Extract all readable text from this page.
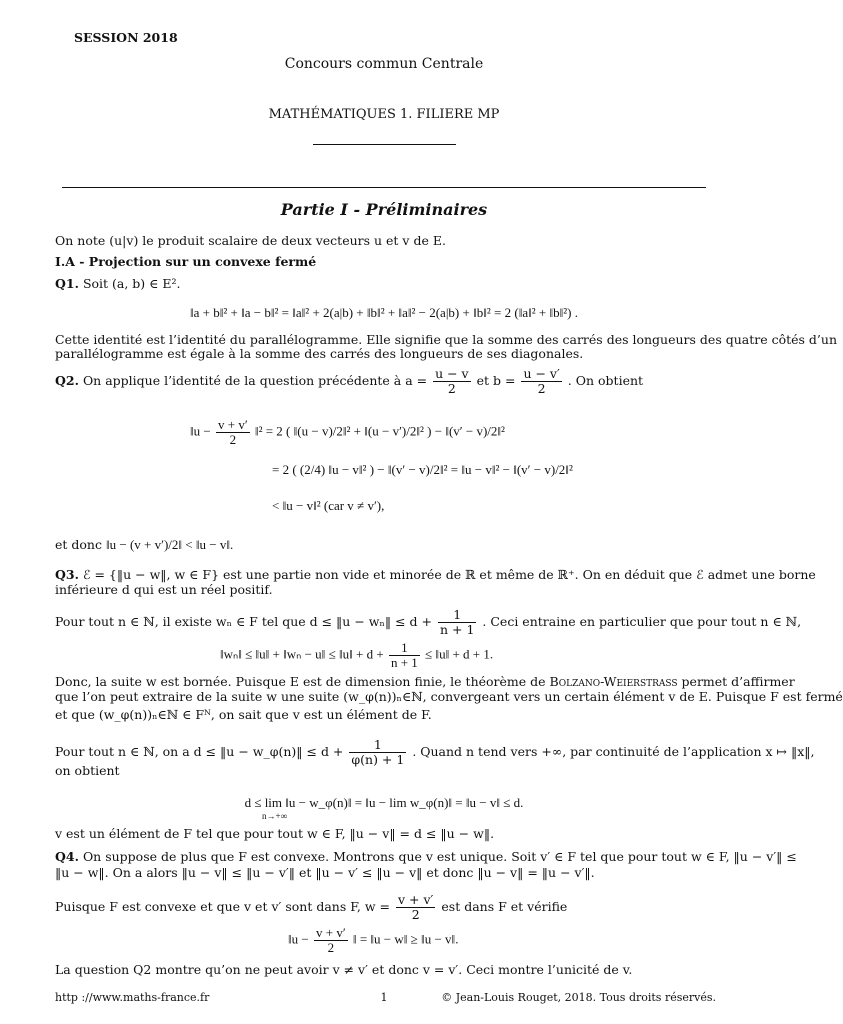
SESSION 2018
Concours commun Centrale
MATHÉMATIQUES 1. FILIERE MP
Partie I - Préliminaires
On note (u|v) le produit scalaire de deux vecteurs u et v de E.
I.A - Projection sur un convexe fermé
Q1. Soit (a, b) ∈ E².
‖a + b‖² + ‖a − b‖² = ‖a‖² + 2(a|b) + ‖b‖² + ‖a‖² − 2(a|b) + ‖b‖² = 2 (‖a‖² + ‖b‖²) .
Cette identité est l’identité du parallélogramme. Elle signifie que la somme des carrés des longueurs des quatre côtés d’un
parallélogramme est égale à la somme des carrés des longueurs de ses diagonales.
Q2. On applique l’identité de la question précédente à $a = \frac{u - v}{2}$ et $b = \frac{u - v'}{2}$ . On obtient
‖u − $\frac{v + v'}{2}$ ‖² = 2 ( ‖(u − v)/2‖² + ‖(u − v′)/2‖² ) − ‖(v′ − v)/2‖²
= 2 ( (2/4) ‖u − v‖² ) − ‖(v′ − v)/2‖² = ‖u − v‖² − ‖(v′ − v)/2‖²
< ‖u − v‖² (car v ≠ v′),
et donc ‖u − (v + v′)/2‖ < ‖u − v‖.
Q3. ℰ = {‖u − w‖, w ∈ F} est une partie non vide et minorée de ℝ et même de ℝ⁺. On en déduit que ℰ admet une borne
inférieure d qui est un réel positif.
Pour tout n ∈ ℕ, il existe wₙ ∈ F tel que d ≤ ‖u − wₙ‖ ≤ $d + \frac{1}{n + 1}$ . Ceci entraine en particulier que pour tout n ∈ ℕ,
‖wₙ‖ ≤ ‖u‖ + ‖wₙ − u‖ ≤ ‖u‖ + $d + \frac{1}{n + 1}$ ≤ ‖u‖ + d + 1.
Donc, la suite w est bornée. Puisque E est de dimension finie, le théorème de Bolzano-Weierstrass permet d’affirmer
que l’on peut extraire de la suite w une suite (w_φ(n))ₙ∈ℕ, convergeant vers un certain élément v de E. Puisque F est fermé
et que (w_φ(n))ₙ∈ℕ ∈ Fᴺ, on sait que v est un élément de F.
Pour tout n ∈ ℕ, on a d ≤ ‖u − w_φ(n)‖ ≤ $d + \frac{1}{\varphi(n) + 1}$ . Quand n tend vers +∞, par continuité de l’application x ↦ ‖x‖,
on obtient
d ≤ lim ‖u − w_φ(n)‖ = ‖u − lim w_φ(n)‖ = ‖u − v‖ ≤ d.
n→+∞
v est un élément de F tel que pour tout w ∈ F, ‖u − v‖ = d ≤ ‖u − w‖.
Q4. On suppose de plus que F est convexe. Montrons que v est unique. Soit v′ ∈ F tel que pour tout w ∈ F, ‖u − v′‖ ≤
‖u − w‖. On a alors ‖u − v‖ ≤ ‖u − v′‖ et ‖u − v′ ≤ ‖u − v‖ et donc ‖u − v‖ = ‖u − v′‖.
Puisque F est convexe et que v et v′ sont dans F, $w = \frac{v + v'}{2}$ est dans F et vérifie
‖u − $\frac{v + v'}{2}$ ‖ = ‖u − w‖ ≥ ‖u − v‖.
La question Q2 montre qu’on ne peut avoir v ≠ v′ et donc v = v′. Ceci montre l’unicité de v.
http ://www.maths-france.fr	1	© Jean-Louis Rouget, 2018. Tous droits réservés.
